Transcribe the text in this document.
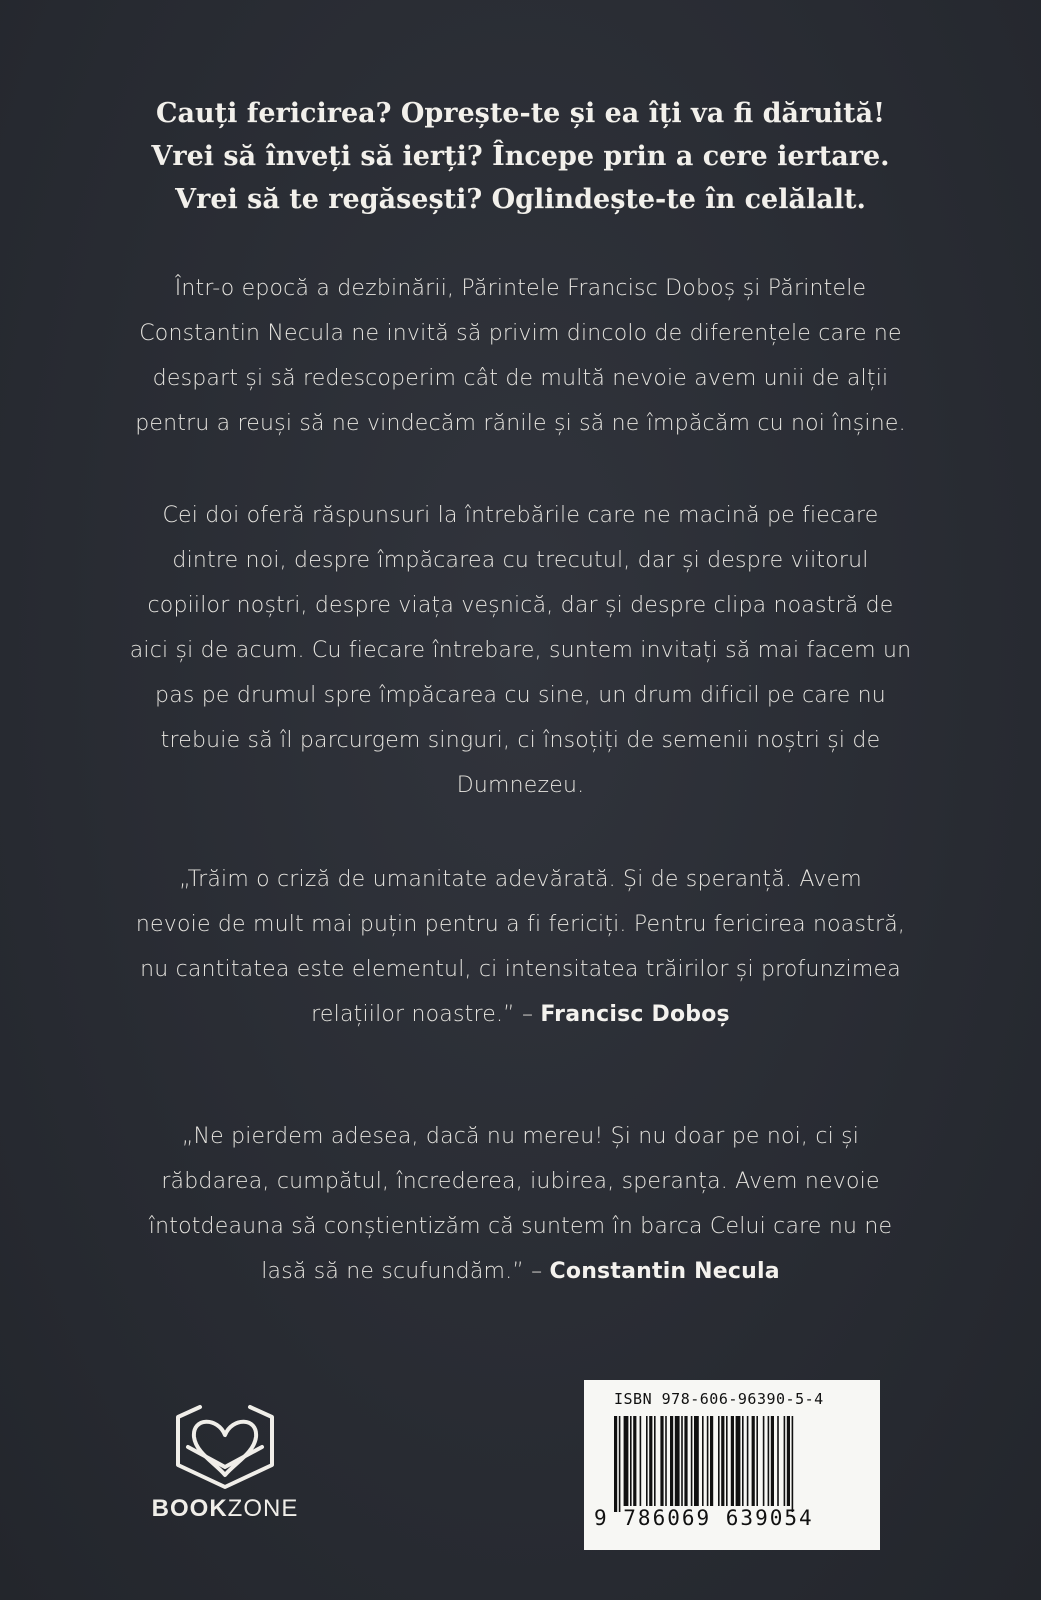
Cauți fericirea? Oprește-te și ea îți va fi dăruită!
Vrei să înveți să ierți? Începe prin a cere iertare.
Vrei să te regăsești? Oglindește-te în celălalt.
Într-o epocă a dezbinării, Părintele Francisc Doboș și Părintele
Constantin Necula ne invită să privim dincolo de diferențele care ne
despart și să redescoperim cât de multă nevoie avem unii de alții
pentru a reuși să ne vindecăm rănile și să ne împăcăm cu noi înșine.
Cei doi oferă răspunsuri la întrebările care ne macină pe fiecare
dintre noi, despre împăcarea cu trecutul, dar și despre viitorul
copiilor noștri, despre viața veșnică, dar și despre clipa noastră de
aici și de acum. Cu fiecare întrebare, suntem invitați să mai facem un
pas pe drumul spre împăcarea cu sine, un drum dificil pe care nu
trebuie să îl parcurgem singuri, ci însoțiți de semenii noștri și de
Dumnezeu.
„Trăim o criză de umanitate adevărată. Și de speranță. Avem
nevoie de mult mai puțin pentru a fi fericiți. Pentru fericirea noastră,
nu cantitatea este elementul, ci intensitatea trăirilor și profunzimea
relațiilor noastre.” – Francisc Doboș
„Ne pierdem adesea, dacă nu mereu! Și nu doar pe noi, ci și
răbdarea, cumpătul, încrederea, iubirea, speranța. Avem nevoie
întotdeauna să conștientizăm că suntem în barca Celui care nu ne
lasă să ne scufundăm.” – Constantin Necula
BOOKZONE
ISBN 978-606-96390-5-4
9 786069 639054
